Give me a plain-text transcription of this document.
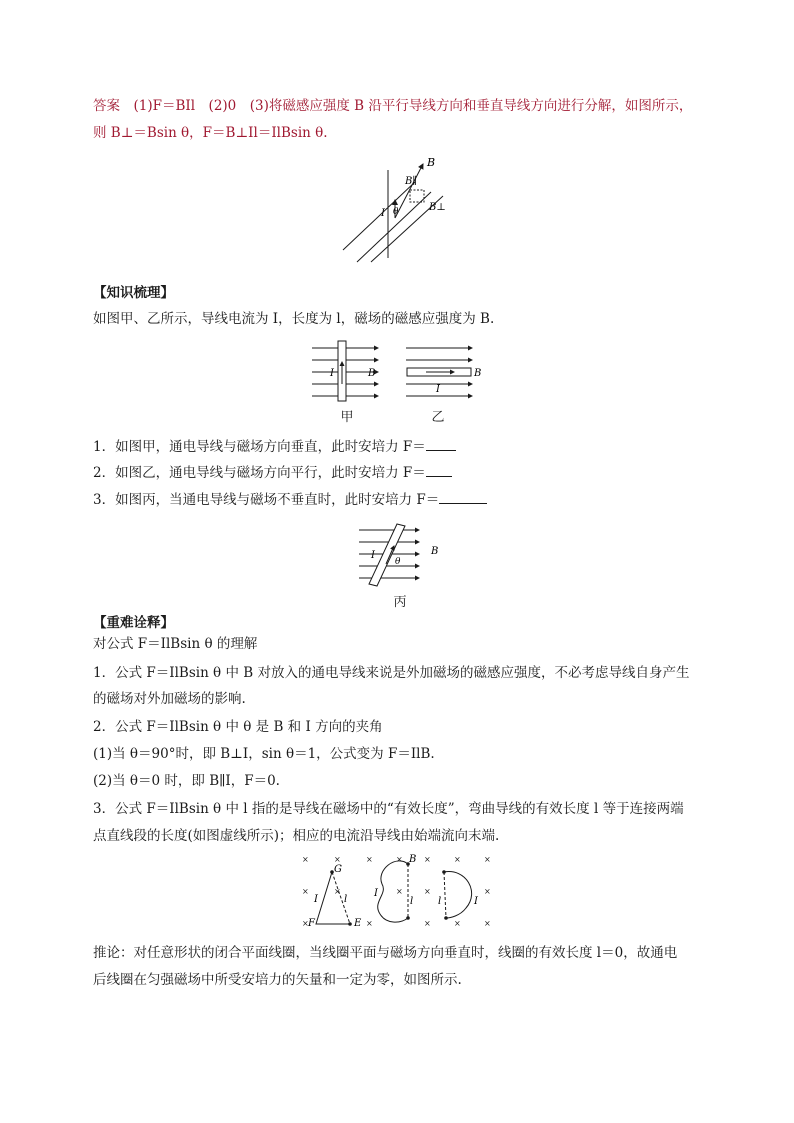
答案　(1)F＝BIl　(2)0　(3)将磁感应强度 B 沿平行导线方向和垂直导线方向进行分解，如图所示，
则 B⊥＝Bsin θ，F＝B⊥Il＝IlBsin θ.
B
B∥
B⊥
I θ
【知识梳理】
如图甲、乙所示，导线电流为 I，长度为 l，磁场的磁感应强度为 B.
I	B
甲
B
I
乙
1．如图甲，通电导线与磁场方向垂直，此时安培力 F＝
2．如图乙，通电导线与磁场方向平行，此时安培力 F＝
3．如图丙，当通电导线与磁场不垂直时，此时安培力 F＝
I
θ
B
丙
【重难诠释】
对公式 F＝IlBsin θ 的理解
1．公式 F＝IlBsin θ 中 B 对放入的通电导线来说是外加磁场的磁感应强度，不必考虑导线自身产生
的磁场对外加磁场的影响.
2．公式 F＝IlBsin θ 中 θ 是 B 和 I 方向的夹角
(1)当 θ＝90°时，即 B⊥I，sin θ＝1，公式变为 F＝IlB.
(2)当 θ＝0 时，即 B∥I，F＝0.
3．公式 F＝IlBsin θ 中 l 指的是导线在磁场中的“有效长度”，弯曲导线的有效长度 l 等于连接两端
点直线段的长度(如图虚线所示)；相应的电流沿导线由始端流向末端.
×	×	×	×	×	×	×
×	×	×	×	×
×	×	×	×	×
G
I	l
F	E
B
I
l l	I
推论：对任意形状的闭合平面线圈，当线圈平面与磁场方向垂直时，线圈的有效长度 l＝0，故通电
后线圈在匀强磁场中所受安培力的矢量和一定为零，如图所示.
